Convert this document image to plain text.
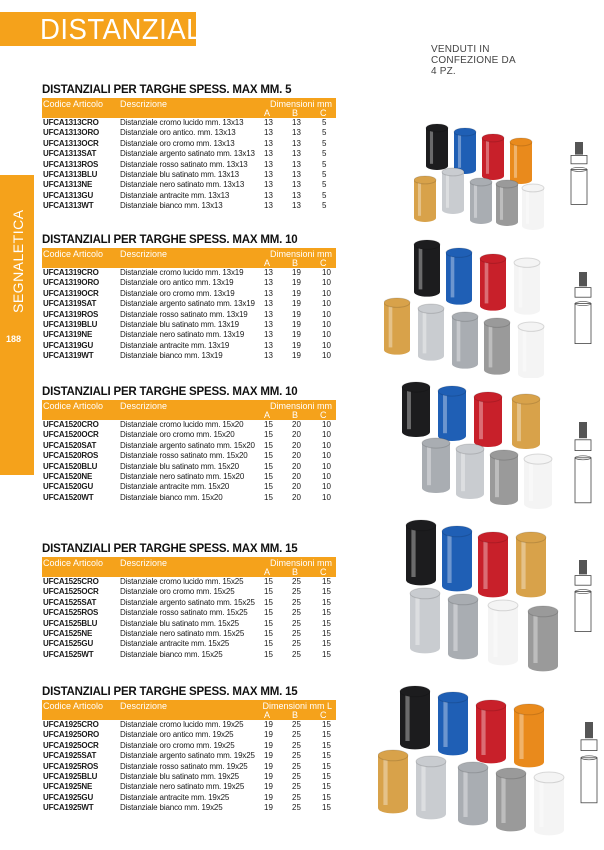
DISTANZIALI
SEGNALETICA
188
VENDUTI IN CONFEZIONE DA 4 PZ.
DISTANZIALI PER TARGHE SPESS. MAX MM. 5
Codice Articolo Descrizione	Dimensioni mm
A B C
UFCA1313CRO	Distanziale cromo lucido mm. 13x13	13 13	5
UFCA1313ORO	Distanziale oro antico. mm. 13x13	13 13	5
UFCA1313OCR	Distanziale oro cromo mm. 13x13	13 13	5
UFCA1313SAT	Distanziale argento satinato mm. 13x13 13 13	5
UFCA1313ROS	Distanziale rosso satinato mm. 13x13 13 13	5
UFCA1313BLU	Distanziale blu satinato mm. 13x13	13 13	5
UFCA1313NE	Distanziale nero satinato mm. 13x13 13 13	5
UFCA1313GU	Distanziale antracite mm. 13x13	13 13	5
UFCA1313WT	Distanziale bianco mm. 13x13	13 13	5
DISTANZIALI PER TARGHE SPESS. MAX MM. 10
Codice Articolo Descrizione	Dimensioni mm
A B C
UFCA1319CRO	Distanziale cromo lucido mm. 13x19	13 19	10
UFCA1319ORO	Distanziale oro antico mm. 13x19	13 19	10
UFCA1319OCR	Distanziale oro cromo mm. 13x19	13 19	10
UFCA1319SAT	Distanziale argento satinato mm. 13x19 13 19	10
UFCA1319ROS	Distanziale rosso satinato mm. 13x19 13 19	10
UFCA1319BLU	Distanziale blu satinato mm. 13x19	13 19	10
UFCA1319NE	Distanziale nero satinato mm. 13x19 13 19	10
UFCA1319GU	Distanziale antracite mm. 13x19	13 19	10
UFCA1319WT	Distanziale bianco mm. 13x19	13 19	10
DISTANZIALI PER TARGHE SPESS. MAX MM. 10
Codice Articolo Descrizione	Dimensioni mm
A B C
UFCA1520CRO	Distanziale cromo lucido mm. 15x20	15 20	10
UFCA1520OCR	Distanziale oro cromo mm. 15x20	15 20	10
UFCA1520SAT	Distanziale argento satinato mm. 15x20 15 20	10
UFCA1520ROS	Distanziale rosso satinato mm. 15x20 15 20	10
UFCA1520BLU	Distanziale blu satinato mm. 15x20	15 20	10
UFCA1520NE	Distanziale nero satinato mm. 15x20 15 20	10
UFCA1520GU	Distanziale antracite mm. 15x20	15 20	10
UFCA1520WT	Distanziale bianco mm. 15x20	15 20	10
DISTANZIALI PER TARGHE SPESS. MAX MM. 15
Codice Articolo Descrizione	Dimensioni mm
A B C
UFCA1525CRO	Distanziale cromo lucido mm. 15x25	15 25	15
UFCA1525OCR	Distanziale oro cromo mm. 15x25	15 25	15
UFCA1525SAT	Distanziale argento satinato mm. 15x25 15 25	15
UFCA1525ROS	Distanziale rosso satinato mm. 15x25 15 25	15
UFCA1525BLU	Distanziale blu satinato mm. 15x25	15 25	15
UFCA1525NE	Distanziale nero satinato mm. 15x25 15 25	15
UFCA1525GU	Distanziale antracite mm. 15x25	15 25	15
UFCA1525WT	Distanziale bianco mm. 15x25	15 25	15
DISTANZIALI PER TARGHE SPESS. MAX MM. 15
Codice Articolo Descrizione	Dimensioni mm L
A B C
UFCA1925CRO	Distanziale cromo lucido mm. 19x25	19 25	15
UFCA1925ORO	Distanziale oro antico mm. 19x25	19 25	15
UFCA1925OCR	Distanziale oro cromo mm. 19x25	19 25	15
UFCA1925SAT	Distanziale argento satinato mm. 19x25 19 25	15
UFCA1925ROS	Distanziale rosso satinato mm. 19x25 19 25	15
UFCA1925BLU	Distanziale blu satinato mm. 19x25	19 25	15
UFCA1925NE	Distanziale nero satinato mm. 19x25 19 25	15
UFCA1925GU	Distanziale antracite mm. 19x25	19 25	15
UFCA1925WT	Distanziale bianco mm. 19x25	19 25	15
